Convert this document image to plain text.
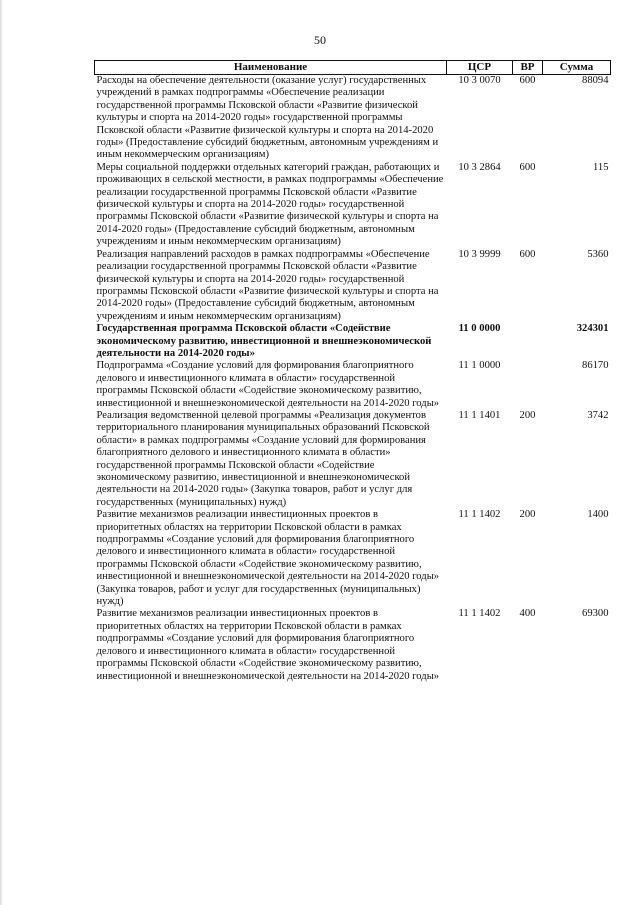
50
Наименование	ЦСР	ВР	Сумма
Расходы на обеспечение деятельности (оказание услуг) государственных учреждений в рамках подпрограммы «Обеспечение реализации государственной программы Псковской области «Развитие физической культуры и спорта на 2014-2020 годы» государственной программы Псковской области «Развитие физической культуры и спорта на 2014-2020 годы» (Предоставление субсидий бюджетным, автономным учреждениям и иным некоммерческим организациям)	10 3 0070	600	88094
Меры социальной поддержки отдельных категорий граждан, работающих и проживающих в сельской местности, в рамках подпрограммы «Обеспечение реализации государственной программы Псковской области «Развитие физической культуры и спорта на 2014-2020 годы» государственной программы Псковской области «Развитие физической культуры и спорта на 2014-2020 годы» (Предоставление субсидий бюджетным, автономным учреждениям и иным некоммерческим организациям)	10 3 2864	600	115
Реализация направлений расходов в рамках подпрограммы «Обеспечение реализации государственной программы Псковской области «Развитие физической культуры и спорта на 2014-2020 годы» государственной программы Псковской области «Развитие физической культуры и спорта на 2014-2020 годы» (Предоставление субсидий бюджетным, автономным учреждениям и иным некоммерческим организациям)	10 3 9999	600	5360
Государственная программа Псковской области «Содействие экономическому развитию, инвестиционной и внешнеэкономической деятельности на 2014-2020 годы»	11 0 0000		324301
Подпрограмма «Создание условий для формирования благоприятного делового и инвестиционного климата в области» государственной программы Псковской области «Содействие экономическому развитию, инвестиционной и внешнеэкономической деятельности на 2014-2020 годы»	11 1 0000		86170
Реализация ведомственной целевой программы «Реализация документов территориального планирования муниципальных образований Псковской области» в рамках подпрограммы «Создание условий для формирования благоприятного делового и инвестиционного климата в области» государственной программы Псковской области «Содействие экономическому развитию, инвестиционной и внешнеэкономической деятельности на 2014-2020 годы» (Закупка товаров, работ и услуг для государственных (муниципальных) нужд)	11 1 1401	200	3742
Развитие механизмов реализации инвестиционных проектов в приоритетных областях на территории Псковской области в рамках подпрограммы «Создание условий для формирования благоприятного делового и инвестиционного климата в области» государственной программы Псковской области «Содействие экономическому развитию, инвестиционной и внешнеэкономической деятельности на 2014-2020 годы» (Закупка товаров, работ и услуг для государственных (муниципальных) нужд)	11 1 1402	200	1400
Развитие механизмов реализации инвестиционных проектов в приоритетных областях на территории Псковской области в рамках подпрограммы «Создание условий для формирования благоприятного делового и инвестиционного климата в области» государственной программы Псковской области «Содействие экономическому развитию, инвестиционной и внешнеэкономической деятельности на 2014-2020 годы»	11 1 1402	400	69300
